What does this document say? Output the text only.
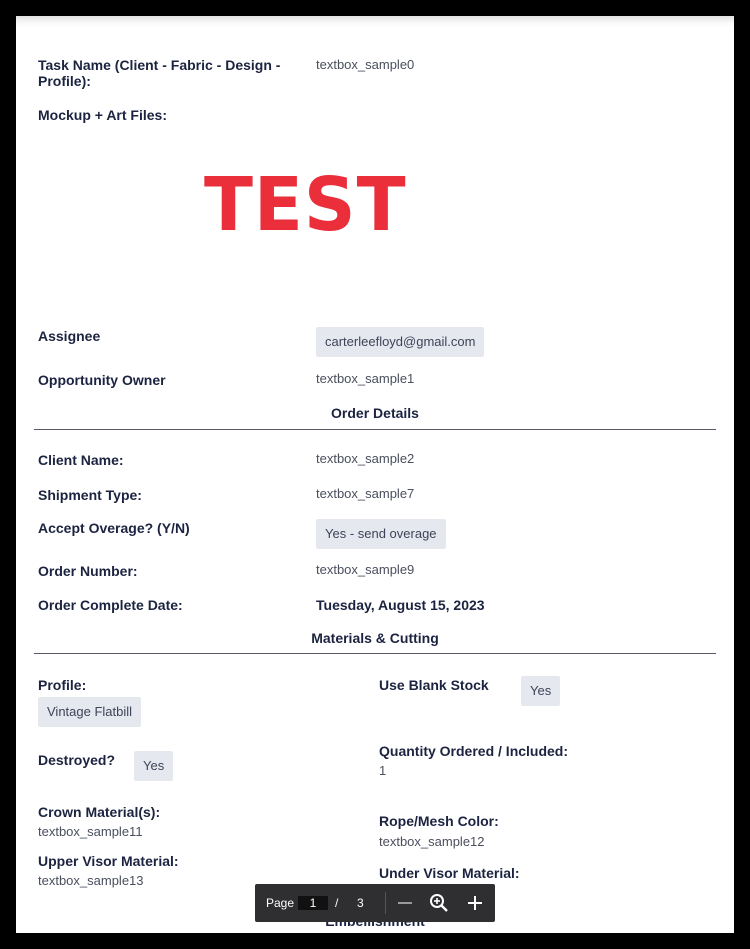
Task Name (Client - Fabric - Design - Profile):
textbox_sample0
Mockup + Art Files:
TEST
Assignee	carterleefloyd@gmail.com
Opportunity Owner	textbox_sample1
Order Details
Client Name:	textbox_sample2
Shipment Type:	textbox_sample7
Accept Overage? (Y/N)	Yes - send overage
Order Number:	textbox_sample9
Order Complete Date:	Tuesday, August 15, 2023
Materials & Cutting
Profile:
Vintage Flatbill
Use Blank Stock	Yes
Destroyed?	Yes
Quantity Ordered / Included:
1
Crown Material(s):
textbox_sample11
Rope/Mesh Color:
textbox_sample12
Upper Visor Material:
textbox_sample13	Under Visor Material:
Page
1	/ 3
